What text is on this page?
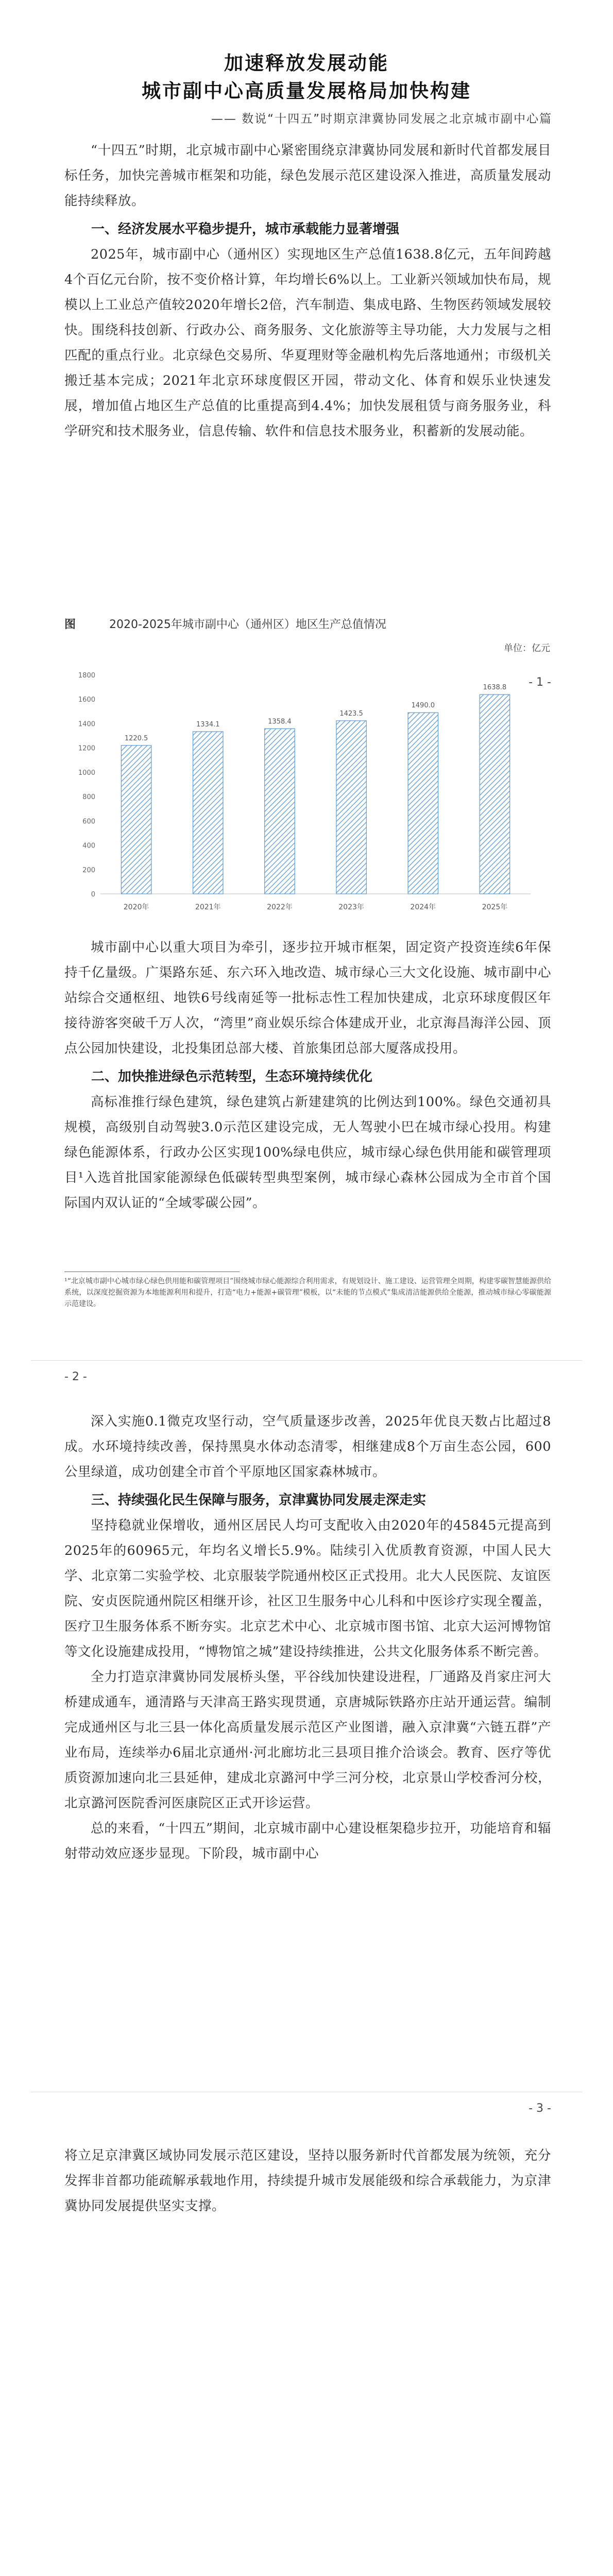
加速释放发展动能
城市副中心高质量发展格局加快构建
—— 数说“十四五”时期京津冀协同发展之北京城市副中心篇

“十四五”时期，北京城市副中心紧密围绕京津冀协同发展和新时代首都发展目标任务，加快完善城市框架和功能，绿色发展示范区建设深入推进，高质量发展动能持续释放。

一、经济发展水平稳步提升，城市承载能力显著增强

2025年，城市副中心（通州区）实现地区生产总值1638.8亿元，五年间跨越4个百亿元台阶，按不变价格计算，年均增长6%以上。工业新兴领域加快布局，规模以上工业总产值较2020年增长2倍，汽车制造、集成电路、生物医药领域发展较快。围绕科技创新、行政办公、商务服务、文化旅游等主导功能，大力发展与之相匹配的重点行业。北京绿色交易所、华夏理财等金融机构先后落地通州；市级机关搬迁基本完成；2021年北京环球度假区开园，带动文化、体育和娱乐业快速发展，增加值占地区生产总值的比重提高到4.4%；加快发展租赁与商务服务业，科学研究和技术服务业，信息传输、软件和信息技术服务业，积蓄新的发展动能。

图	2020-2025年城市副中心（通州区）地区生产总值情况
单位：亿元
- 1 -
0
200
400
600
800
1000
1200
1400
1600
1800
1220.5
2020年
1334.1
2021年
1358.4
2022年
1423.5
2023年
1490.0
2024年
1638.8
2025年

城市副中心以重大项目为牵引，逐步拉开城市框架，固定资产投资连续6年保持千亿量级。广渠路东延、东六环入地改造、城市绿心三大文化设施、城市副中心站综合交通枢纽、地铁6号线南延等一批标志性工程加快建成，北京环球度假区年接待游客突破千万人次，“湾里”商业娱乐综合体建成开业，北京海昌海洋公园、顶点公园加快建设，北投集团总部大楼、首旅集团总部大厦落成投用。

二、加快推进绿色示范转型，生态环境持续优化

高标准推行绿色建筑，绿色建筑占新建建筑的比例达到100%。绿色交通初具规模，高级别自动驾驶3.0示范区建设完成，无人驾驶小巴在城市绿心投用。构建绿色能源体系，行政办公区实现100%绿电供应，城市绿心绿色供用能和碳管理项目¹入选首批国家能源绿色低碳转型典型案例，城市绿心森林公园成为全市首个国际国内双认证的“全域零碳公园”。

¹“北京城市副中心城市绿心绿色供用能和碳管理项目”围绕城市绿心能源综合利用需求，有规划设计、施工建设、运营管理全周期，构建零碳智慧能源供给系统，以深度挖掘资源为本地能源利用和提升，打造“电力+能源+碳管理”模板，以“未能的节点模式”集成清洁能源供给全能源，推动城市绿心零碳能源示范建设。
- 2 -

深入实施0.1微克攻坚行动，空气质量逐步改善，2025年优良天数占比超过8成。水环境持续改善，保持黑臭水体动态清零，相继建成8个万亩生态公园，600公里绿道，成功创建全市首个平原地区国家森林城市。

三、持续强化民生保障与服务，京津冀协同发展走深走实

坚持稳就业保增收，通州区居民人均可支配收入由2020年的45845元提高到2025年的60965元，年均名义增长5.9%。陆续引入优质教育资源，中国人民大学、北京第二实验学校、北京服装学院通州校区正式投用。北大人民医院、友谊医院、安贞医院通州院区相继开诊，社区卫生服务中心儿科和中医诊疗实现全覆盖，医疗卫生服务体系不断夯实。北京艺术中心、北京城市图书馆、北京大运河博物馆等文化设施建成投用，“博物馆之城”建设持续推进，公共文化服务体系不断完善。

全力打造京津冀协同发展桥头堡，平谷线加快建设进程，厂通路及肖家庄河大桥建成通车，通清路与天津高王路实现贯通，京唐城际铁路亦庄站开通运营。编制完成通州区与北三县一体化高质量发展示范区产业图谱，融入京津冀“六链五群”产业布局，连续举办6届北京通州·河北廊坊北三县项目推介洽谈会。教育、医疗等优质资源加速向北三县延伸，建成北京潞河中学三河分校，北京景山学校香河分校，北京潞河医院香河医康院区正式开诊运营。

总的来看，“十四五”期间，北京城市副中心建设框架稳步拉开，功能培育和辐射带动效应逐步显现。下阶段，城市副中心

- 3 -

将立足京津冀区域协同发展示范区建设，坚持以服务新时代首都发展为统领，充分发挥非首都功能疏解承载地作用，持续提升城市发展能级和综合承载能力，为京津冀协同发展提供坚实支撑。
